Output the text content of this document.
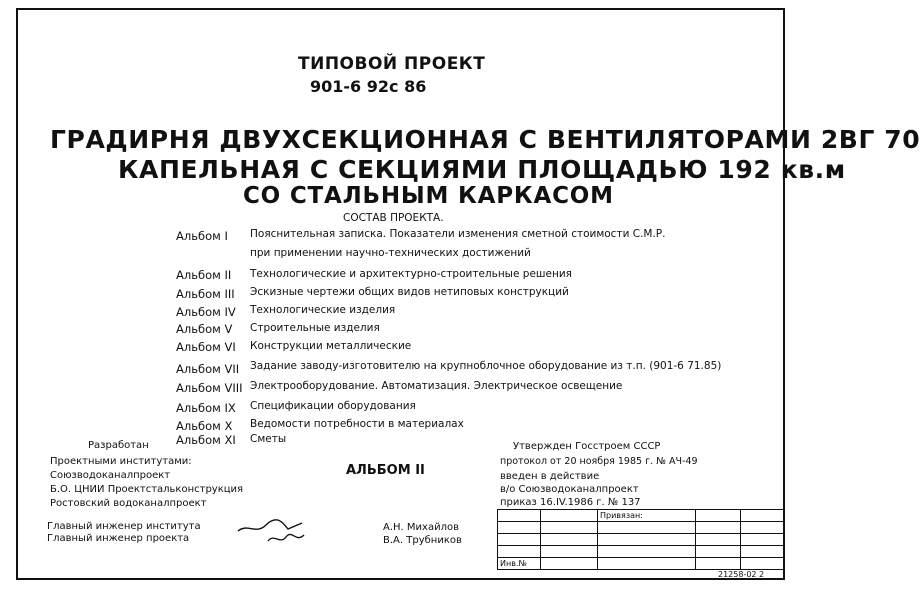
ТИПОВОЙ ПРОЕКТ
901-6 92с 86
ГРАДИРНЯ ДВУХСЕКЦИОННАЯ С ВЕНТИЛЯТОРАМИ 2ВГ 70
КАПЕЛЬНАЯ С СЕКЦИЯМИ ПЛОЩАДЬЮ 192 кв.м
СО СТАЛЬНЫМ КАРКАСОМ
СОСТАВ ПРОЕКТА.
Альбом I Пояснительная записка. Показатели изменения сметной стоимости С.М.Р.
при применении научно-технических достижений
Альбом II Технологические и архитектурно-строительные решения
Альбом III Эскизные чертежи общих видов нетиповых конструкций
Альбом IV Технологические изделия
Альбом V Строительные изделия
Альбом VI Конструкции металлические
Альбом VII Задание заводу-изготовителю на крупноблочное оборудование из т.п. (901-6 71.85)
Альбом VIII Электрооборудование. Автоматизация. Электрическое освещение
Альбом IX Спецификации оборудования
Альбом X Ведомости потребности в материалах
Альбом XI Сметы
Разработан
Проектными институтами:
Союзводоканалпроект
Б.О. ЦНИИ Проектстальконструкция
Ростовский водоканалпроект
АЛЬБОМ II
Утвержден Госстроем СССР
протокол от 20 ноября 1985 г. № АЧ-49
введен в действие
в/о Союзводоканалпроект
приказ 16.IV.1986 г. № 137
Главный инженер института
Главный инженер проекта
А.Н. Михайлов
В.А. Трубников
Привязан:
Инв.№
21258-02 2
